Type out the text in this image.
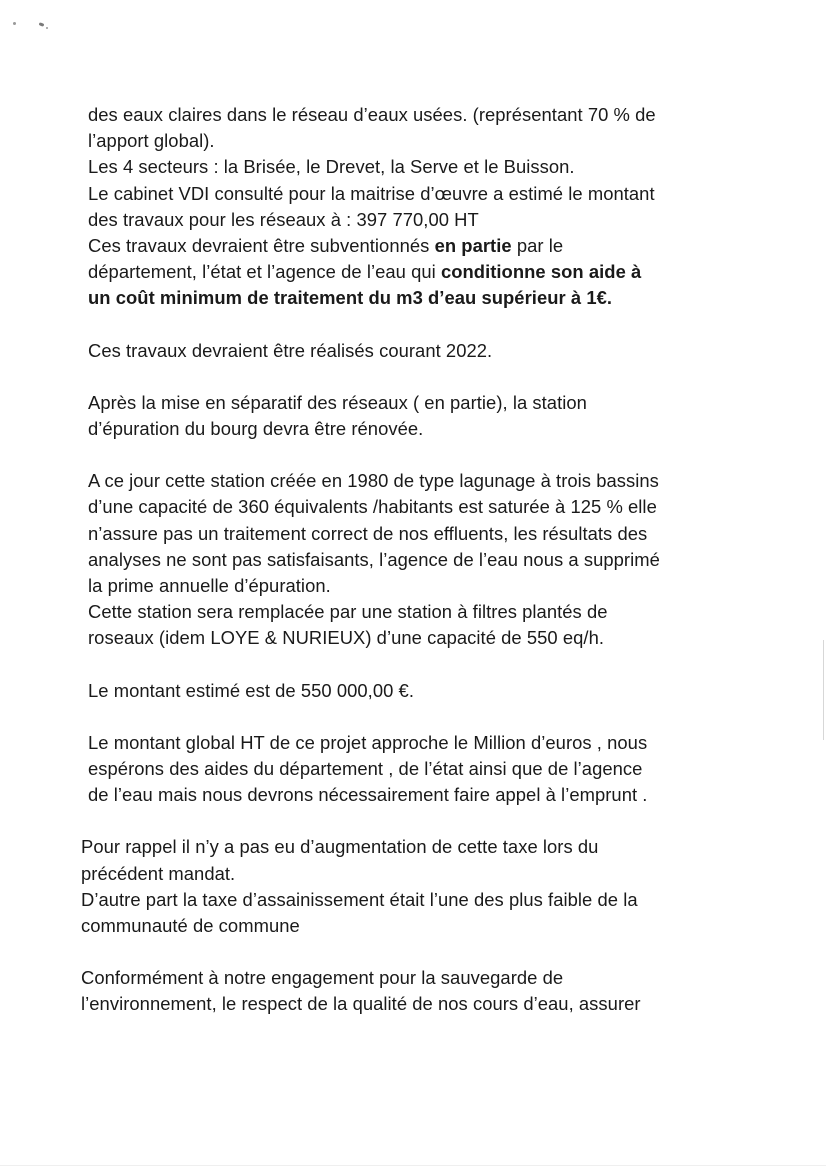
des eaux claires dans le réseau d’eaux usées. (représentant 70 % de

l’apport global).

Les 4 secteurs : la Brisée, le Drevet, la Serve et le Buisson.

Le cabinet VDI consulté pour la maitrise d’œuvre a estimé le montant

des travaux pour les réseaux à : 397 770,00 HT

Ces travaux devraient être subventionnés en partie par le

département, l’état et l’agence de l’eau qui conditionne son aide à

un coût minimum de traitement du m3 d’eau supérieur à 1€.

Ces travaux devraient être réalisés courant 2022.

Après la mise en séparatif des réseaux ( en partie), la station

d’épuration du bourg devra être rénovée.

A ce jour cette station créée en 1980 de type lagunage à trois bassins

d’une capacité de 360 équivalents /habitants est saturée à 125 % elle

n’assure pas un traitement correct de nos effluents, les résultats des

analyses ne sont pas satisfaisants, l’agence de l’eau nous a supprimé

la prime annuelle d’épuration.

Cette station sera remplacée par une station à filtres plantés de

roseaux (idem LOYE & NURIEUX) d’une capacité de 550 eq/h.

Le montant estimé est de 550 000,00 €.

Le montant global HT de ce projet approche le Million d’euros , nous

espérons des aides du département , de l’état ainsi que de l’agence

de l’eau mais nous devrons nécessairement faire appel à l’emprunt .

Pour rappel il n’y a pas eu d’augmentation de cette taxe lors du

précédent mandat.

D’autre part la taxe d’assainissement était l’une des plus faible de la

communauté de commune

Conformément à notre engagement pour la sauvegarde de

l’environnement, le respect de la qualité de nos cours d’eau, assurer
